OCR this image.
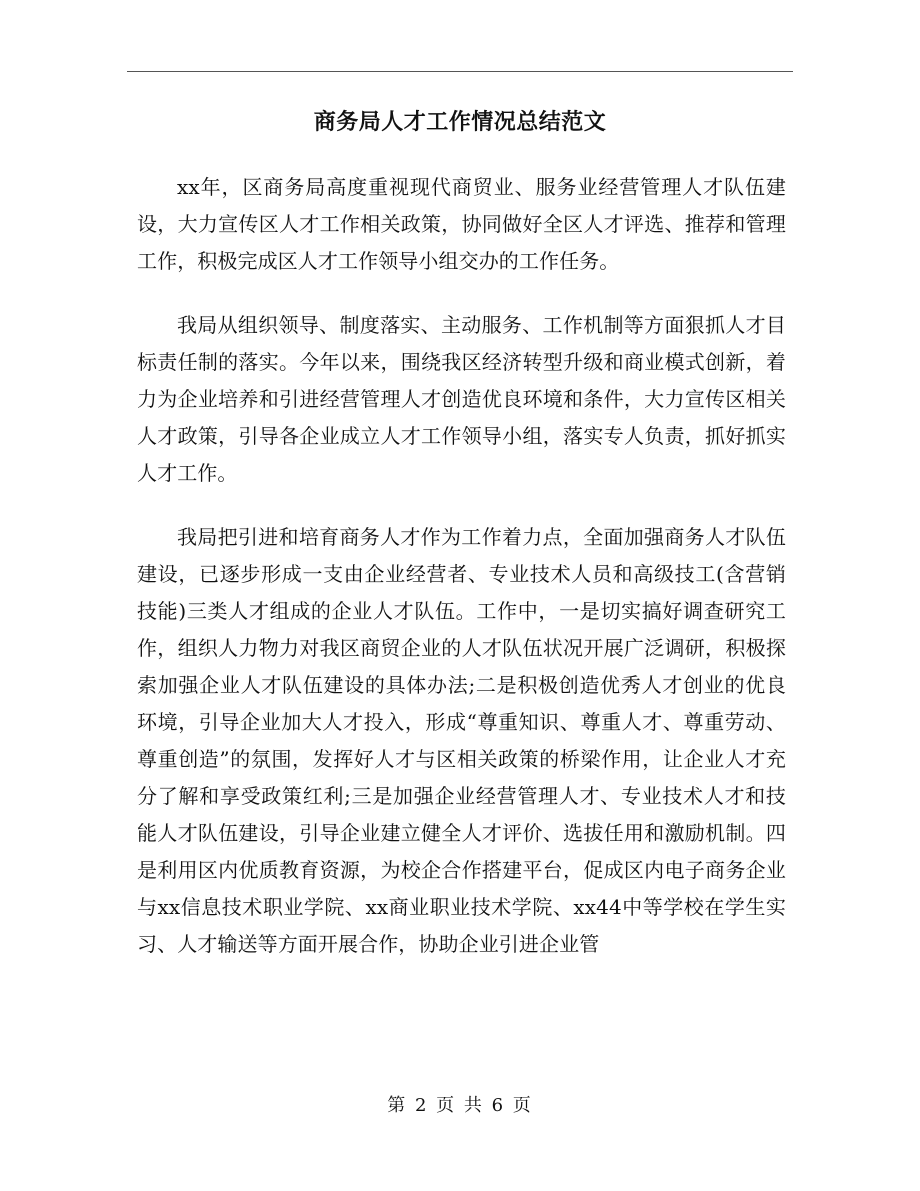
商务局人才工作情况总结范文

xx年，区商务局高度重视现代商贸业、服务业经营管理人才队伍建设，大力宣传区人才工作相关政策，协同做好全区人才评选、推荐和管理工作，积极完成区人才工作领导小组交办的工作任务。

我局从组织领导、制度落实、主动服务、工作机制等方面狠抓人才目标责任制的落实。今年以来，围绕我区经济转型升级和商业模式创新，着力为企业培养和引进经营管理人才创造优良环境和条件，大力宣传区相关人才政策，引导各企业成立人才工作领导小组，落实专人负责，抓好抓实人才工作。

我局把引进和培育商务人才作为工作着力点，全面加强商务人才队伍建设，已逐步形成一支由企业经营者、专业技术人员和高级技工(含营销技能)三类人才组成的企业人才队伍。工作中，一是切实搞好调查研究工作，组织人力物力对我区商贸企业的人才队伍状况开展广泛调研，积极探索加强企业人才队伍建设的具体办法;二是积极创造优秀人才创业的优良环境，引导企业加大人才投入，形成“尊重知识、尊重人才、尊重劳动、尊重创造”的氛围，发挥好人才与区相关政策的桥梁作用，让企业人才充分了解和享受政策红利;三是加强企业经营管理人才、专业技术人才和技能人才队伍建设，引导企业建立健全人才评价、选拔任用和激励机制。四是利用区内优质教育资源，为校企合作搭建平台，促成区内电子商务企业与xx信息技术职业学院、xx商业职业技术学院、xx44中等学校在学生实习、人才输送等方面开展合作，协助企业引进企业管

第 2 页 共 6 页
